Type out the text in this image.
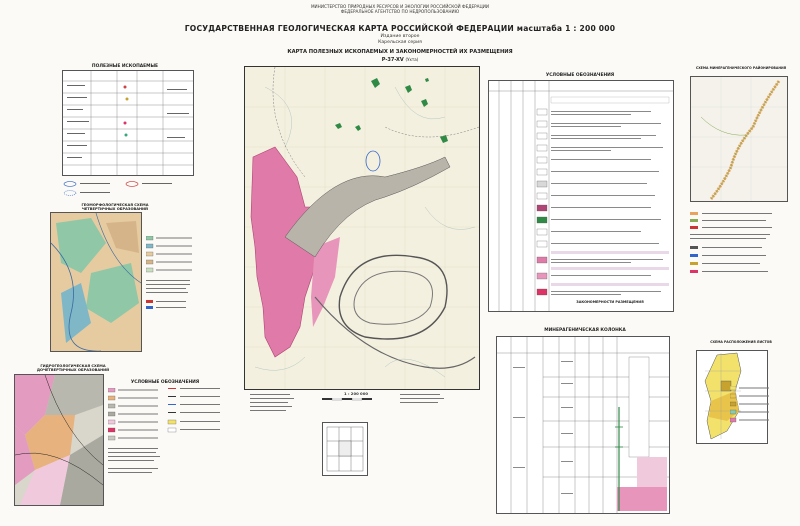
МИНИСТЕРСТВО ПРИРОДНЫХ РЕСУРСОВ И ЭКОЛОГИИ РОССИЙСКОЙ ФЕДЕРАЦИИ
ФЕДЕРАЛЬНОЕ АГЕНТСТВО ПО НЕДРОПОЛЬЗОВАНИЮ
ГОСУДАРСТВЕННАЯ ГЕОЛОГИЧЕСКАЯ КАРТА РОССИЙСКОЙ ФЕДЕРАЦИИ масштаба 1 : 200 000
Издание второе
Карельская серия
КАРТА ПОЛЕЗНЫХ ИСКОПАЕМЫХ И ЗАКОНОМЕРНОСТЕЙ ИХ РАЗМЕЩЕНИЯ
P-37-XV (Ухта)
ПОЛЕЗНЫЕ ИСКОПАЕМЫЕ
ГЕОМОРФОЛОГИЧЕСКАЯ СХЕМА
ЧЕТВЕРТИЧНЫХ ОБРАЗОВАНИЙ
ГИДРОГЕОЛОГИЧЕСКАЯ СХЕМА
ДОЧЕТВЕРТИЧНЫХ ОБРАЗОВАНИЙ
УСЛОВНЫЕ ОБОЗНАЧЕНИЯ
1 : 200 000
УСЛОВНЫЕ ОБОЗНАЧЕНИЯ
ЗАКОНОМЕРНОСТИ РАЗМЕЩЕНИЯ
МИНЕРАГЕНИЧЕСКАЯ КОЛОНКА
СХЕМА МИНЕРАГЕНИЧЕСКОГО РАЙОНИРОВАНИЯ
СХЕМА РАСПОЛОЖЕНИЯ ЛИСТОВ
